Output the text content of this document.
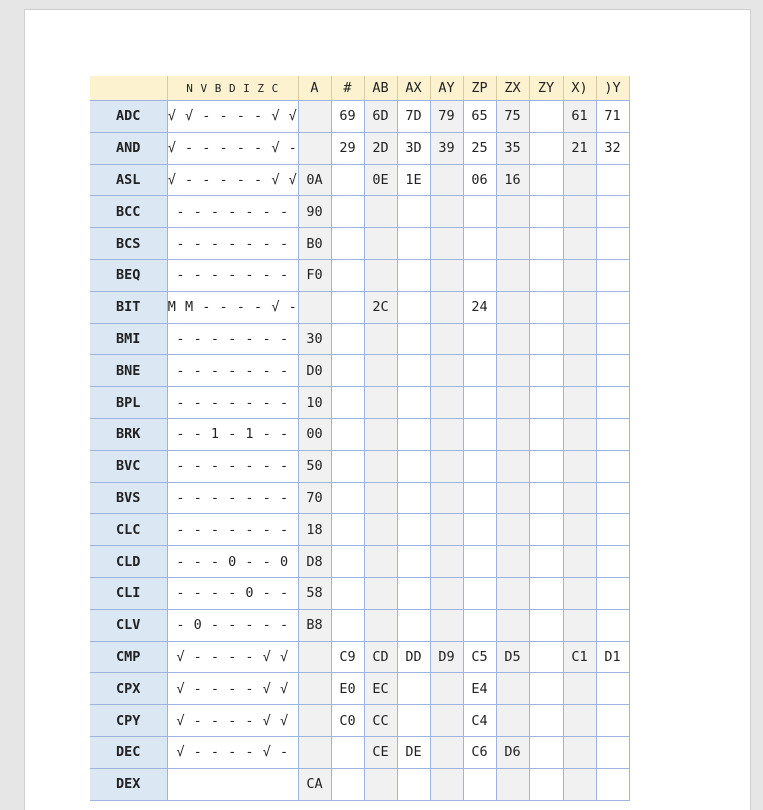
	N V B D I Z C	A	#	AB	AX	AY	ZP	ZX	ZY	X)	)Y
ADC	√ √ - - - - √ √		69	6D	7D	79	65	75		61	71
AND	√ - - - - - √ -		29	2D	3D	39	25	35		21	32
ASL	√ - - - - - √ √	0A		0E	1E		06	16			
BCC	- - - - - - -	90									
BCS	- - - - - - -	B0									
BEQ	- - - - - - -	F0									
BIT	M M - - - - √ -			2C			24				
BMI	- - - - - - -	30									
BNE	- - - - - - -	D0									
BPL	- - - - - - -	10									
BRK	- - 1 - 1 - -	00									
BVC	- - - - - - -	50									
BVS	- - - - - - -	70									
CLC	- - - - - - -	18									
CLD	- - - 0 - - 0	D8									
CLI	- - - - 0 - -	58									
CLV	- 0 - - - - -	B8									
CMP	√ - - - - √ √		C9	CD	DD	D9	C5	D5		C1	D1
CPX	√ - - - - √ √		E0	EC			E4				
CPY	√ - - - - √ √		C0	CC			C4				
DEC	√ - - - - √ -			CE	DE		C6	D6			
DEX		CA									
